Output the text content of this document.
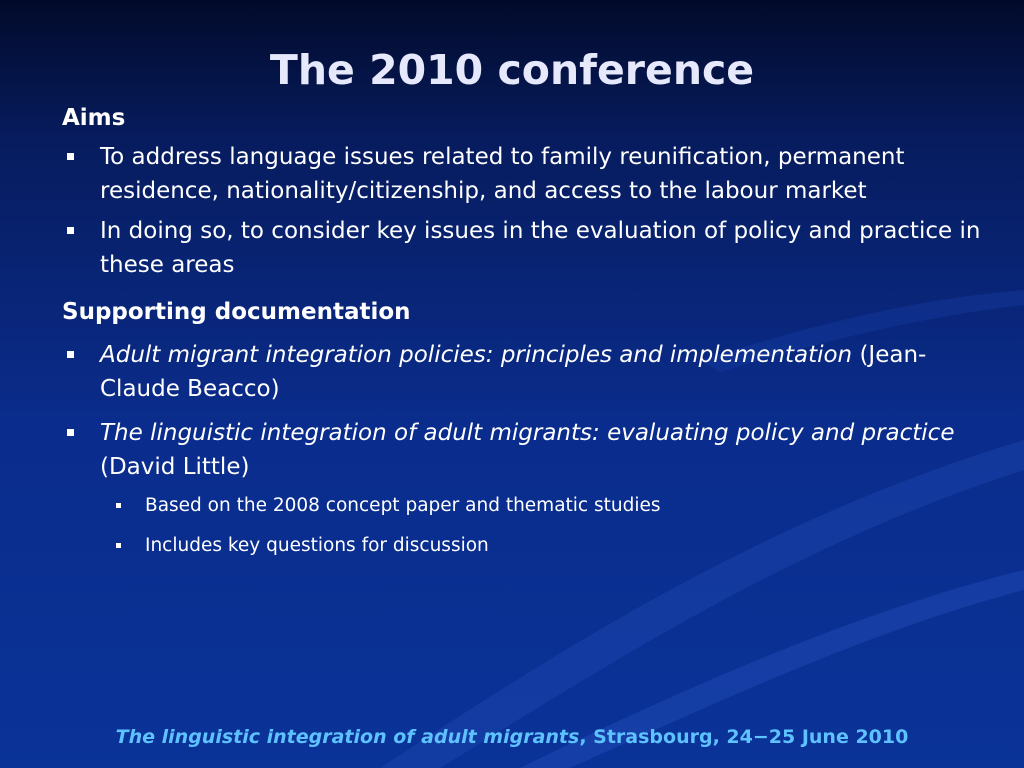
The 2010 conference
Aims
To address language issues related to family reunification, permanent residence, nationality/citizenship, and access to the labour market
In doing so, to consider key issues in the evaluation of policy and practice in these areas
Supporting documentation
Adult migrant integration policies: principles and implementation (Jean-Claude Beacco)
The linguistic integration of adult migrants: evaluating policy and practice (David Little)
Based on the 2008 concept paper and thematic studies
Includes key questions for discussion
The linguistic integration of adult migrants, Strasbourg, 24−25 June 2010
